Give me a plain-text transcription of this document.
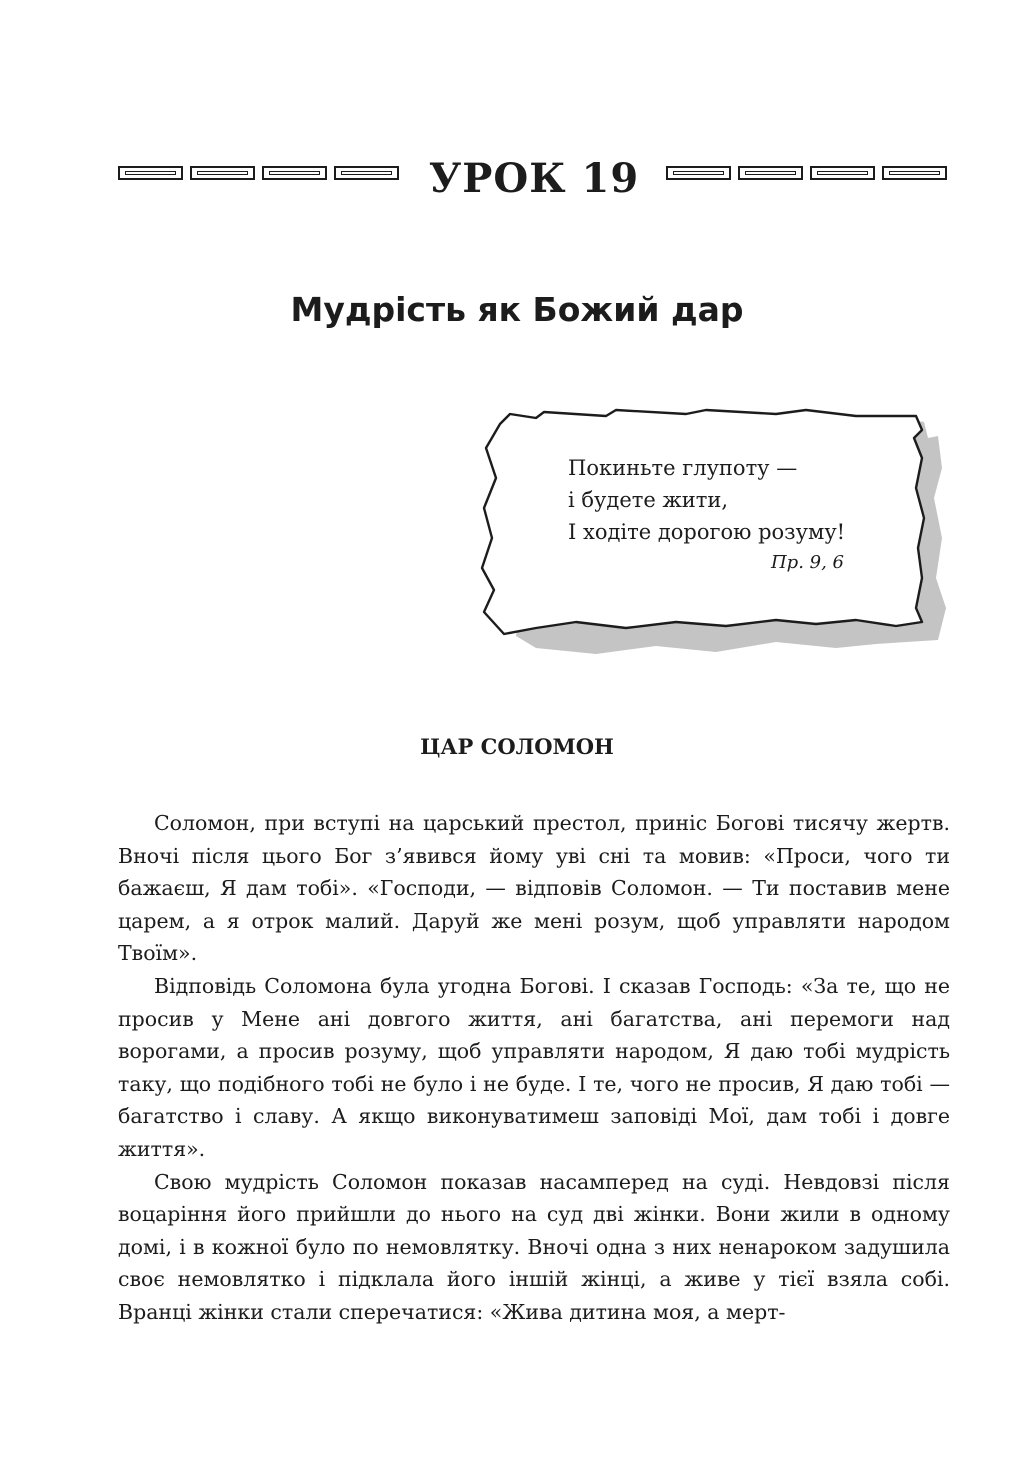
УРОК 19
Мудрість як Божий дар
Покиньте глупоту —
і будете жити,
І ходіте дорогою розуму!
Пр. 9, 6
ЦАР СОЛОМОН

Соломон, при вступі на царський престол, приніс Богові тисячу жертв. Вночі після цього Бог з’явився йому уві сні та мовив: «Проси, чого ти бажаєш, Я дам тобі». «Господи, — відповів Соломон. — Ти поставив мене царем, а я отрок малий. Даруй же мені розум, щоб управляти народом Твоїм».

Відповідь Соломона була угодна Богові. І сказав Господь: «За те, що не просив у Мене ані довгого життя, ані багатства, ані перемоги над ворогами, а просив розуму, щоб управляти народом, Я даю тобі мудрість таку, що подібного тобі не було і не буде. І те, чого не просив, Я даю тобі — багатство і славу. А якщо виконуватимеш заповіді Мої, дам тобі і довге життя».

Свою мудрість Соломон показав насамперед на суді. Невдовзі після воцаріння його прийшли до нього на суд дві жінки. Вони жили в одному домі, і в кожної було по немовлятку. Вночі одна з них ненароком задушила своє немовлятко і підклала його іншій жінці, а живе у тієї взяла собі. Вранці жінки стали сперечатися: «Жива дитина моя, а мерт-
